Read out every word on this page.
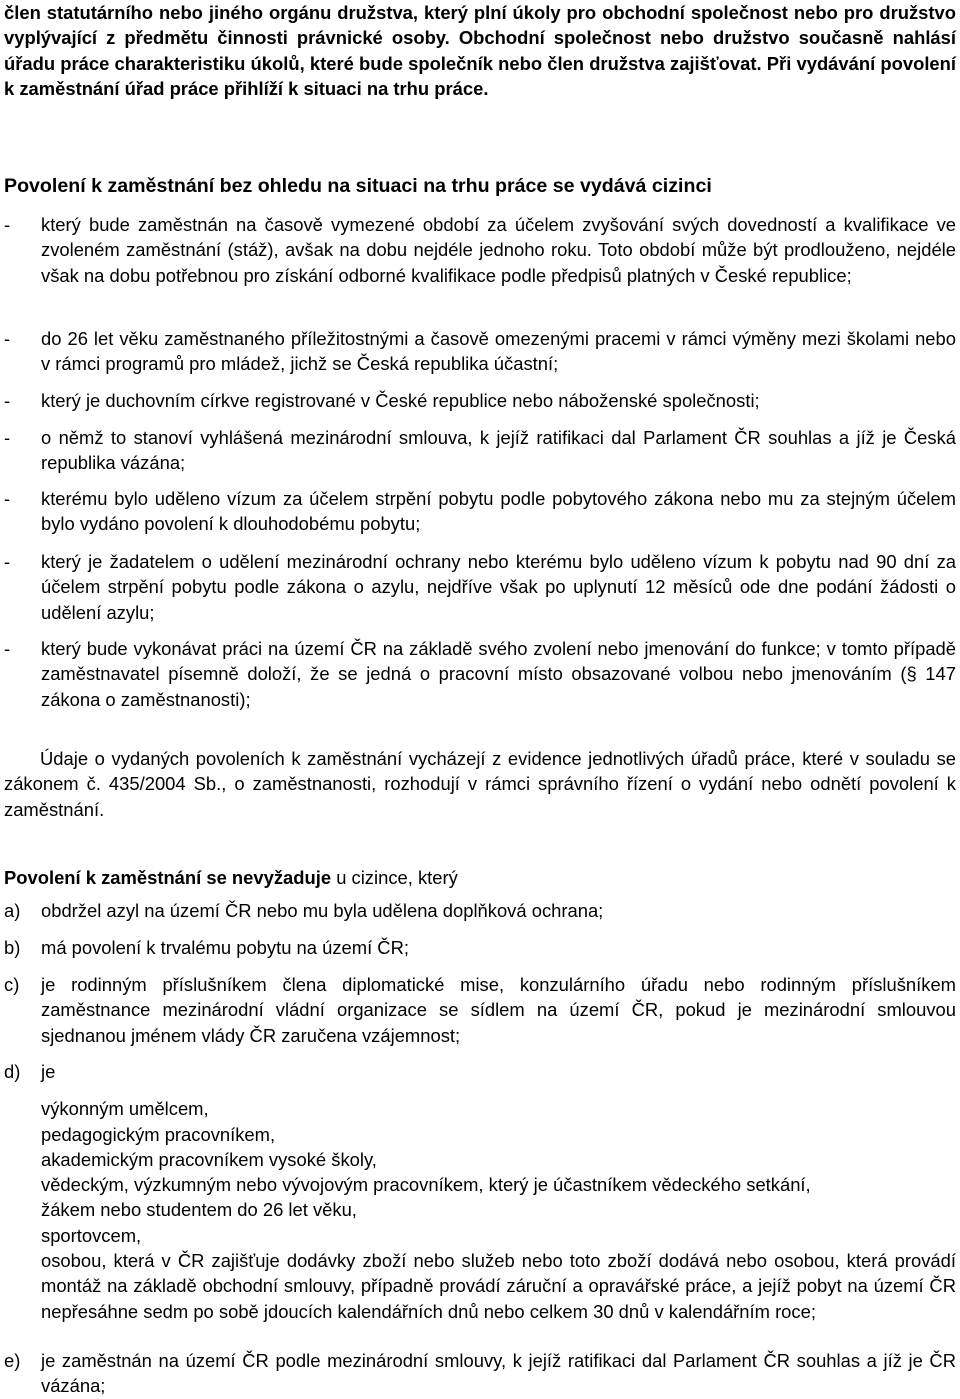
člen statutárního nebo jiného orgánu družstva, který plní úkoly pro obchodní společnost nebo pro družstvo vyplývající z předmětu činnosti právnické osoby. Obchodní společnost nebo družstvo současně nahlásí úřadu práce charakteristiku úkolů, které bude společník nebo člen družstva zajišťovat. Při vydávání povolení k zaměstnání úřad práce přihlíží k situaci na trhu práce.

Povolení k zaměstnání bez ohledu na situaci na trhu práce se vydává cizinci
-	který bude zaměstnán na časově vymezené období za účelem zvyšování svých dovedností a kvalifikace ve zvoleném zaměstnání (stáž), avšak na dobu nejdéle jednoho roku. Toto období může být prodlouženo, nejdéle však na dobu potřebnou pro získání odborné kvalifikace podle předpisů platných v České republice;

-	do 26 let věku zaměstnaného příležitostnými a časově omezenými pracemi v rámci výměny mezi školami nebo v rámci programů pro mládež, jichž se Česká republika účastní;

-	který je duchovním církve registrované v České republice nebo náboženské společnosti;

-	o němž to stanoví vyhlášená mezinárodní smlouva, k jejíž ratifikaci dal Parlament ČR souhlas a jíž je Česká republika vázána;

-	kterému bylo uděleno vízum za účelem strpění pobytu podle pobytového zákona nebo mu za stejným účelem bylo vydáno povolení k dlouhodobému pobytu;

-	který je žadatelem o udělení mezinárodní ochrany nebo kterému bylo uděleno vízum k pobytu nad 90 dní za účelem strpění pobytu podle zákona o azylu, nejdříve však po uplynutí 12 měsíců ode dne podání žádosti o udělení azylu;

-	který bude vykonávat práci na území ČR na základě svého zvolení nebo jmenování do funkce; v tomto případě zaměstnavatel písemně doloží, že se jedná o pracovní místo obsazované volbou nebo jmenováním (§ 147 zákona o zaměstnanosti);

Údaje o vydaných povoleních k zaměstnání vycházejí z evidence jednotlivých úřadů práce, které v souladu se zákonem č. 435/2004 Sb., o zaměstnanosti, rozhodují v rámci správního řízení o vydání nebo odnětí povolení k zaměstnání.

Povolení k zaměstnání se nevyžaduje u cizince, který

a)	obdržel azyl na území ČR nebo mu byla udělena doplňková ochrana;

b)	má povolení k trvalému pobytu na území ČR;

c)	je rodinným příslušníkem člena diplomatické mise, konzulárního úřadu nebo rodinným příslušníkem zaměstnance mezinárodní vládní organizace se sídlem na území ČR, pokud je mezinárodní smlouvou sjednanou jménem vlády ČR zaručena vzájemnost;

d)	je

výkonným umělcem,

pedagogickým pracovníkem,

akademickým pracovníkem vysoké školy,

vědeckým, výzkumným nebo vývojovým pracovníkem, který je účastníkem vědeckého setkání,

žákem nebo studentem do 26 let věku,

sportovcem,

osobou, která v ČR zajišťuje dodávky zboží nebo služeb nebo toto zboží dodává nebo osobou, která provádí montáž na základě obchodní smlouvy, případně provádí záruční a opravářské práce, a jejíž pobyt na území ČR nepřesáhne sedm po sobě jdoucích kalendářních dnů nebo celkem 30 dnů v kalendářním roce;

e)	je zaměstnán na území ČR podle mezinárodní smlouvy, k jejíž ratifikaci dal Parlament ČR souhlas a jíž je ČR vázána;
